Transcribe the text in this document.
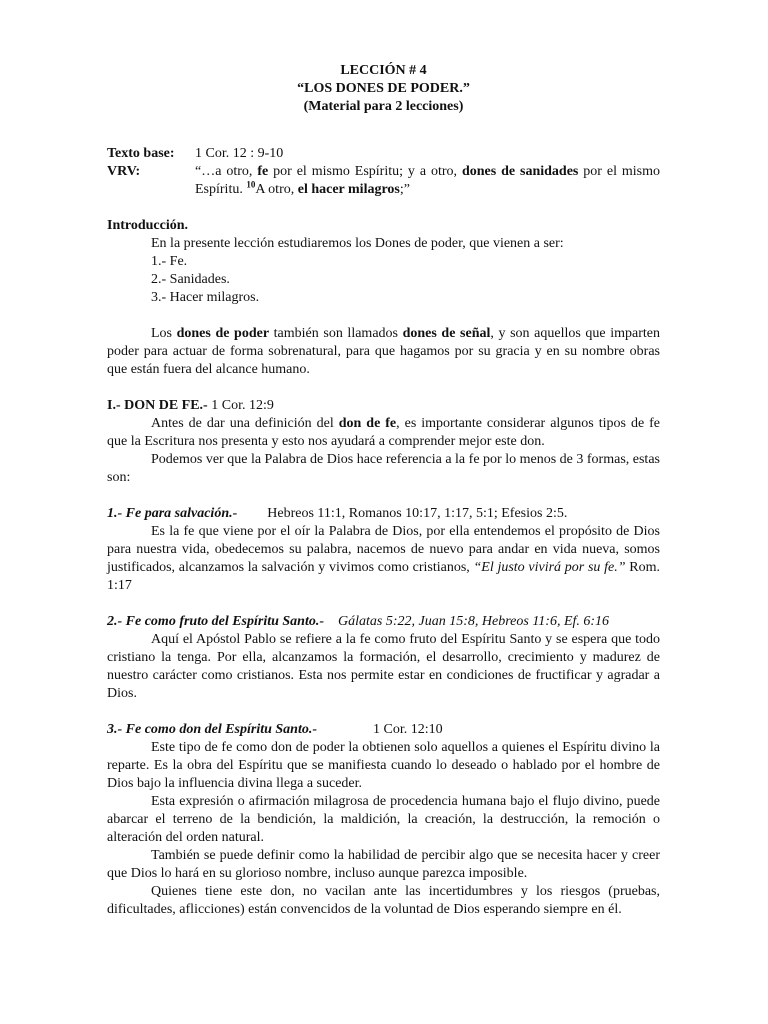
LECCIÓN # 4
“LOS DONES DE PODER.”
(Material para 2 lecciones)
Texto base:	1 Cor. 12 : 9-10
VRV:	“…a otro, fe por el mismo Espíritu; y a otro, dones de sanidades por el mismo Espíritu. $^{10}$A otro, el hacer milagros;”
Introducción.
En la presente lección estudiaremos los Dones de poder, que vienen a ser:
1.- Fe.
2.- Sanidades.
3.- Hacer milagros.
Los dones de poder también son llamados dones de señal, y son aquellos que imparten poder para actuar de forma sobrenatural, para que hagamos por su gracia y en su nombre obras que están fuera del alcance humano.
I.- DON DE FE.- 1 Cor. 12:9
Antes de dar una definición del don de fe, es importante considerar algunos tipos de fe que la Escritura nos presenta y esto nos ayudará a comprender mejor este don.
Podemos ver que la Palabra de Dios hace referencia a la fe por lo menos de 3 formas, estas son:
1.- Fe para salvación.- Hebreos 11:1, Romanos 10:17, 1:17, 5:1; Efesios 2:5.
Es la fe que viene por el oír la Palabra de Dios, por ella entendemos el propósito de Dios para nuestra vida, obedecemos su palabra, nacemos de nuevo para andar en vida nueva, somos justificados, alcanzamos la salvación y vivimos como cristianos, “El justo vivirá por su fe.” Rom. 1:17
2.- Fe como fruto del Espíritu Santo.- Gálatas 5:22, Juan 15:8, Hebreos 11:6, Ef. 6:16
Aquí el Apóstol Pablo se refiere a la fe como fruto del Espíritu Santo y se espera que todo cristiano la tenga. Por ella, alcanzamos la formación, el desarrollo, crecimiento y madurez de nuestro carácter como cristianos. Esta nos permite estar en condiciones de fructificar y agradar a Dios.
3.- Fe como don del Espíritu Santo.-	1 Cor. 12:10
Este tipo de fe como don de poder la obtienen solo aquellos a quienes el Espíritu divino la reparte. Es la obra del Espíritu que se manifiesta cuando lo deseado o hablado por el hombre de Dios bajo la influencia divina llega a suceder.
Esta expresión o afirmación milagrosa de procedencia humana bajo el flujo divino, puede abarcar el terreno de la bendición, la maldición, la creación, la destrucción, la remoción o alteración del orden natural.
También se puede definir como la habilidad de percibir algo que se necesita hacer y creer que Dios lo hará en su glorioso nombre, incluso aunque parezca imposible.
Quienes tiene este don, no vacilan ante las incertidumbres y los riesgos (pruebas, dificultades, aflicciones) están convencidos de la voluntad de Dios esperando siempre en él.
